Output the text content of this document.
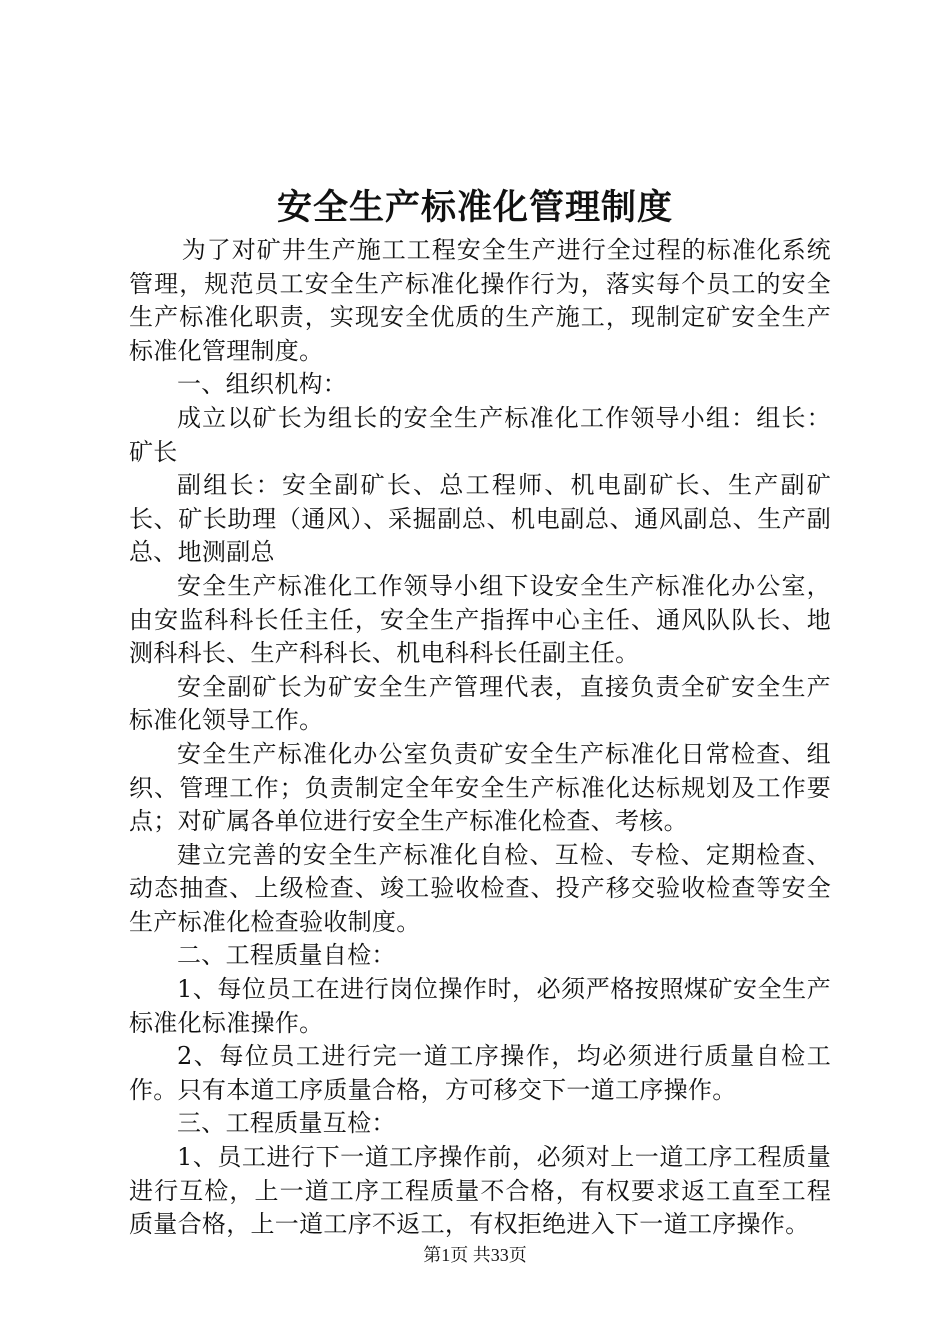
安全生产标准化管理制度

为了对矿井生产施工工程安全生产进行全过程的标准化系统管理，规范员工安全生产标准化操作行为，落实每个员工的安全生产标准化职责，实现安全优质的生产施工，现制定矿安全生产标准化管理制度。

一、组织机构：

成立以矿长为组长的安全生产标准化工作领导小组：组长：矿长

副组长：安全副矿长、总工程师、机电副矿长、生产副矿长、矿长助理（通风）、采掘副总、机电副总、通风副总、生产副总、地测副总

安全生产标准化工作领导小组下设安全生产标准化办公室，由安监科科长任主任，安全生产指挥中心主任、通风队队长、地测科科长、生产科科长、机电科科长任副主任。

安全副矿长为矿安全生产管理代表，直接负责全矿安全生产标准化领导工作。

安全生产标准化办公室负责矿安全生产标准化日常检查、组织、管理工作；负责制定全年安全生产标准化达标规划及工作要点；对矿属各单位进行安全生产标准化检查、考核。

建立完善的安全生产标准化自检、互检、专检、定期检查、动态抽查、上级检查、竣工验收检查、投产移交验收检查等安全生产标准化检查验收制度。

二、工程质量自检：

1、每位员工在进行岗位操作时，必须严格按照煤矿安全生产标准化标准操作。

2、每位员工进行完一道工序操作，均必须进行质量自检工作。只有本道工序质量合格，方可移交下一道工序操作。

三、工程质量互检：

1、员工进行下一道工序操作前，必须对上一道工序工程质量进行互检，上一道工序工程质量不合格，有权要求返工直至工程质量合格，上一道工序不返工，有权拒绝进入下一道工序操作。

第1页 共33页
